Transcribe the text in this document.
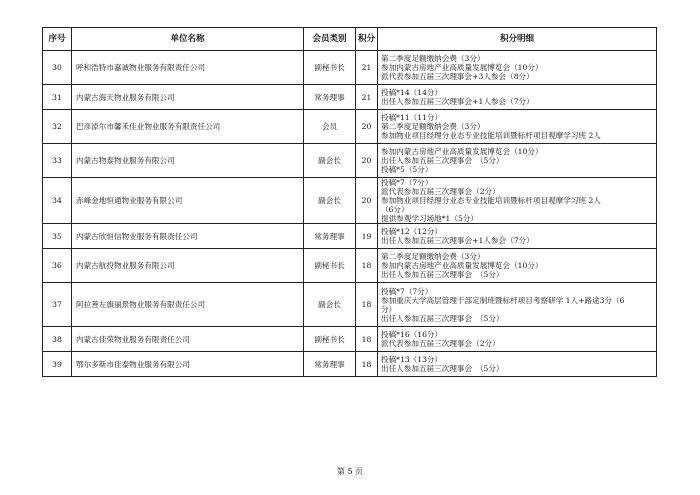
序号	单位名称	会员类别	积分	积分明细
30	呼和浩特市嘉诚物业服务有限责任公司	副秘书长	21	第二季度足额缴纳会费（3分）
参加内蒙古房地产业高质量发展博览会（10分）
派代表参加五届三次理事会+3人参会（8分）

31	内蒙古海天物业服务有限公司	常务理事	21	投稿*14（14分）
出任人参加五届三次理事会+1人参会（7分）

32	巴彦淖尔市馨禾佳业物业服务有限责任公司	会员	20	投稿*11（11分）
第二季度足额缴纳会费（3分）
参加物业项目经理分业态专业技能培训暨标杆项目观摩学习班 2人

33	内蒙古物泰物业服务有限公司	副会长	20	参加内蒙古房地产业高质量发展博览会（10分）
出任人参加五届三次理事会　（5分）
投稿*5（5分）

34	赤峰金地恒通物业服务有限公司	副会长	20	投稿*7（7分）
派代表参加五届三次理事会（2分）
参加物业项目经理分业态专业技能培训暨标杆项目观摩学习班 2人
（6分）
提供参观学习场地*1（5分）

35	内蒙古欣恒信物业服务有限责任公司	常务理事	19	投稿*12（12分）
出任人参加五届三次理事会+1人参会（7分）

36	内蒙古航投物业服务有限公司	副秘书长	18	第二季度足额缴纳会费（3分）
参加内蒙古房地产业高质量发展博览会（10分）
出任人参加五届三次理事会　（5分）

37	阿拉善左旗丽景物业服务有限责任公司	副会长	18	投稿*7（7分）
参加重庆大学高层管理干部定制班暨标杆项目考察研学 1人+路途3分（6
分）
出任人参加五届三次理事会　（5分）

38	内蒙古佳荣物业服务有限责任公司	副秘书长	18	投稿*16（16分）
派代表参加五届三次理事会（2分）

39	鄂尔多斯市佳泰物业服务有限公司	常务理事	18	投稿*13（13分）
出任人参加五届三次理事会　（5分）
第 5 页
